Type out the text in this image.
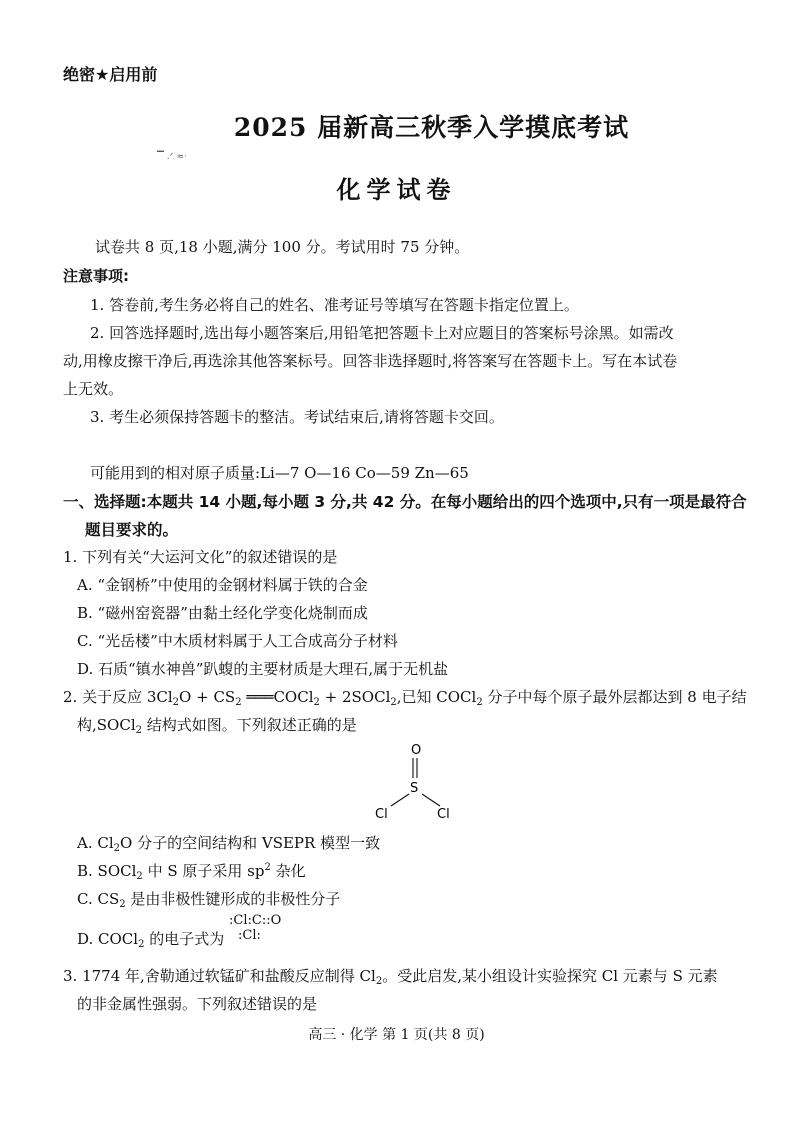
绝密★启用前
▔ .ᐟ ≈ᐧ
2025 届新高三秋季入学摸底考试
化学试卷
试卷共 8 页,18 小题,满分 100 分。考试用时 75 分钟。
注意事项:
1. 答卷前,考生务必将自己的姓名、准考证号等填写在答题卡指定位置上。
2. 回答选择题时,选出每小题答案后,用铅笔把答题卡上对应题目的答案标号涂黑。如需改
动,用橡皮擦干净后,再选涂其他答案标号。回答非选择题时,将答案写在答题卡上。写在本试卷
上无效。
3. 考生必须保持答题卡的整洁。考试结束后,请将答题卡交回。
可能用到的相对原子质量:Li—7 O—16 Co—59 Zn—65
一、选择题:本题共 14 小题,每小题 3 分,共 42 分。在每小题给出的四个选项中,只有一项是最符合
题目要求的。
1. 下列有关“大运河文化”的叙述错误的是
A. “金钢桥”中使用的金钢材料属于铁的合金
B. “磁州窑瓷器”由黏土经化学变化烧制而成
C. “光岳楼”中木质材料属于人工合成高分子材料
D. 石质“镇水神兽”趴蝮的主要材质是大理石,属于无机盐
2. 关于反应 $3Cl_2O + CS_2$ ═══COCl$_2$ + 2SOCl$_2$,已知 COCl$_2$ 分子中每个原子最外层都达到 8 电子结
构,SOCl$_2$ 结构式如图。下列叙述正确的是
O
S
Cl	Cl
A. $Cl_2O$ 分子的空间结构和 VSEPR 模型一致
B. SOCl$_2$ 中 S 原子采用 $sp^2$ 杂化
C. $CS_2$ 是由非极性键形成的非极性分子
D. COCl$_2$ 的电子式为
:Cl:C::O
:Cl:
3. 1774 年,舍勒通过软锰矿和盐酸反应制得 $Cl_2$。受此启发,某小组设计实验探究 Cl 元素与 S 元素
的非金属性强弱。下列叙述错误的是
高三 · 化学 第 1 页(共 8 页)
